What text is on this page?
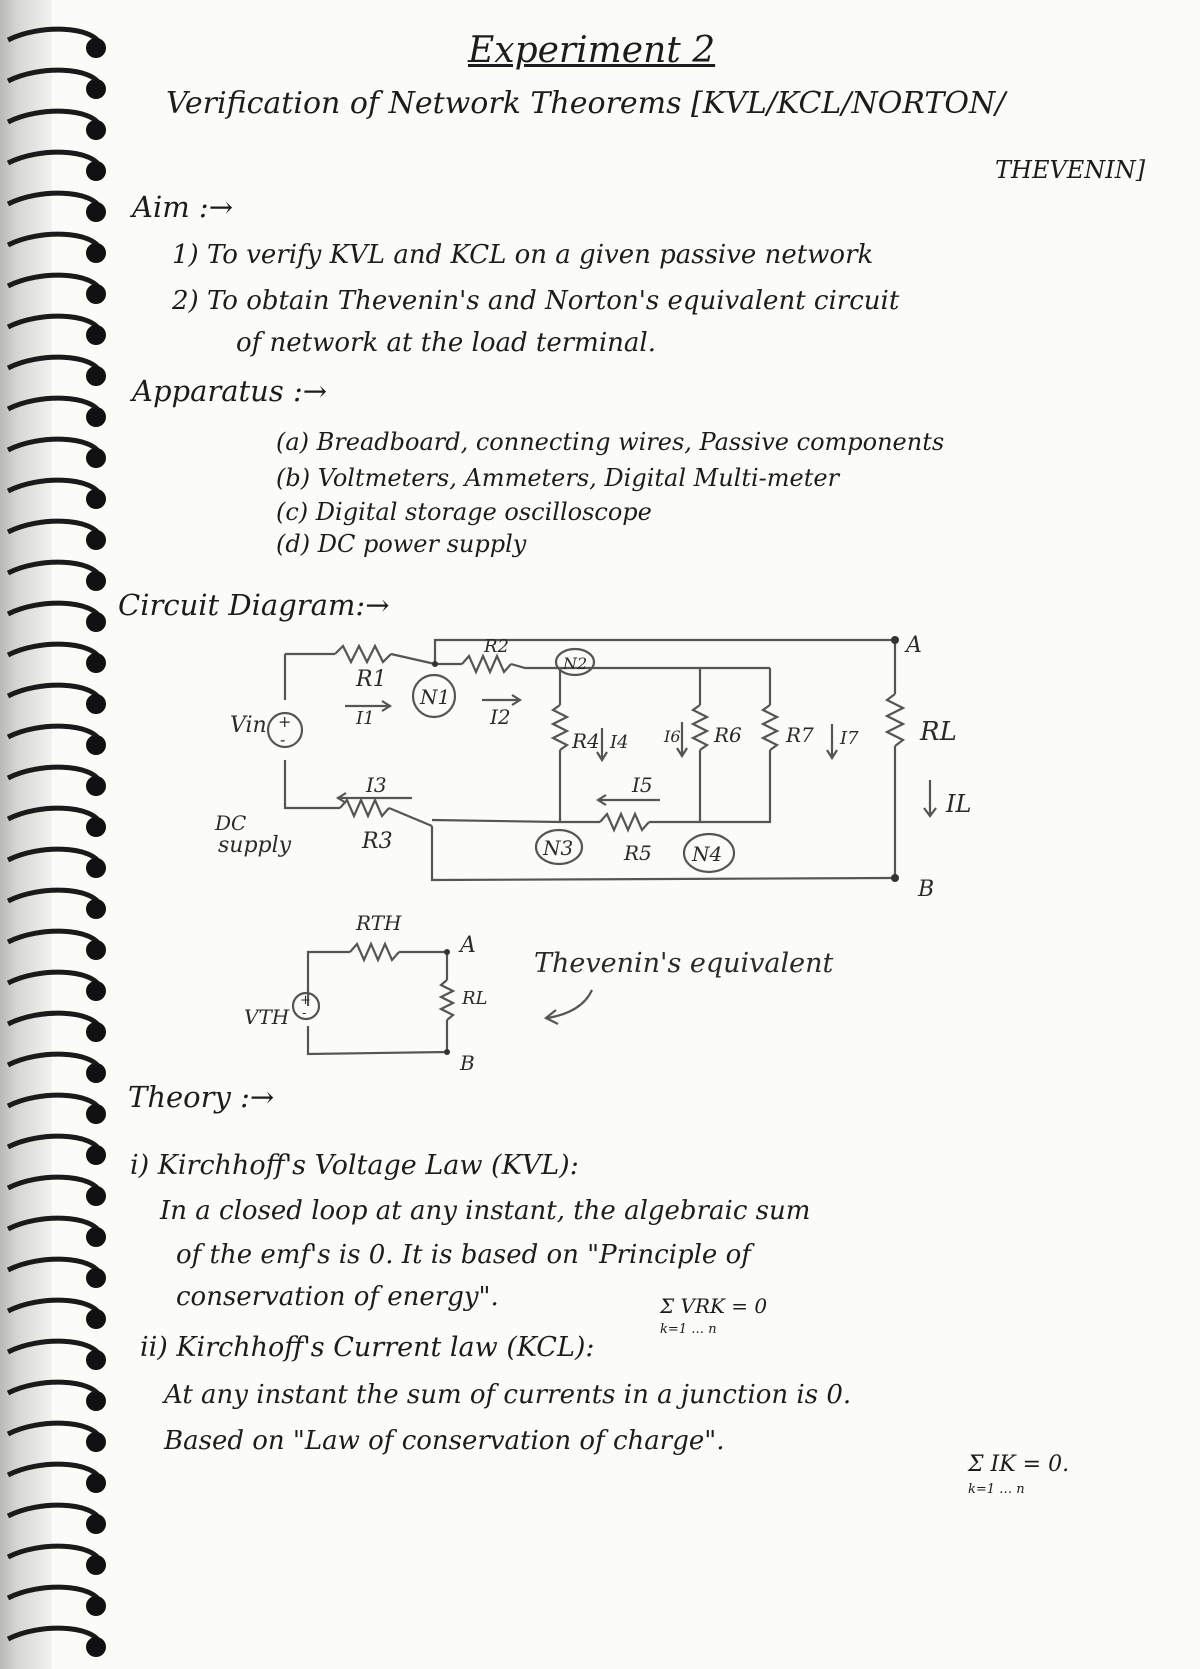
Experiment 2
Verification of Network Theorems [KVL/KCL/NORTON/
THEVENIN]
Aim :→
1) To verify KVL and KCL on a given passive network
2) To obtain Thevenin's and Norton's equivalent circuit
of network at the load terminal.
Apparatus :→
(a) Breadboard, connecting wires, Passive components
(b) Voltmeters, Ammeters, Digital Multi-meter
(c) Digital storage oscilloscope
(d) DC power supply
Circuit Diagram:→
+
-
Vin
DC
supply
R1
R2
R3
R4
R5
R6 R7	RL
I1	I2
I3
I4
I5
I6	I7
IL
N1
N2
N3	N4
A
B
+
-
RTH
VTH
RL
A
B
Thevenin's equivalent
Theory :→
i) Kirchhoff's Voltage Law (KVL):
In a closed loop at any instant, the algebraic sum
of the emf's is 0. It is based on "Principle of
conservation of energy".	Σ VRK = 0
k=1 … n
ii) Kirchhoff's Current law (KCL):
At any instant the sum of currents in a junction is 0.
Based on "Law of conservation of charge".
Σ IK = 0.
k=1 … n
